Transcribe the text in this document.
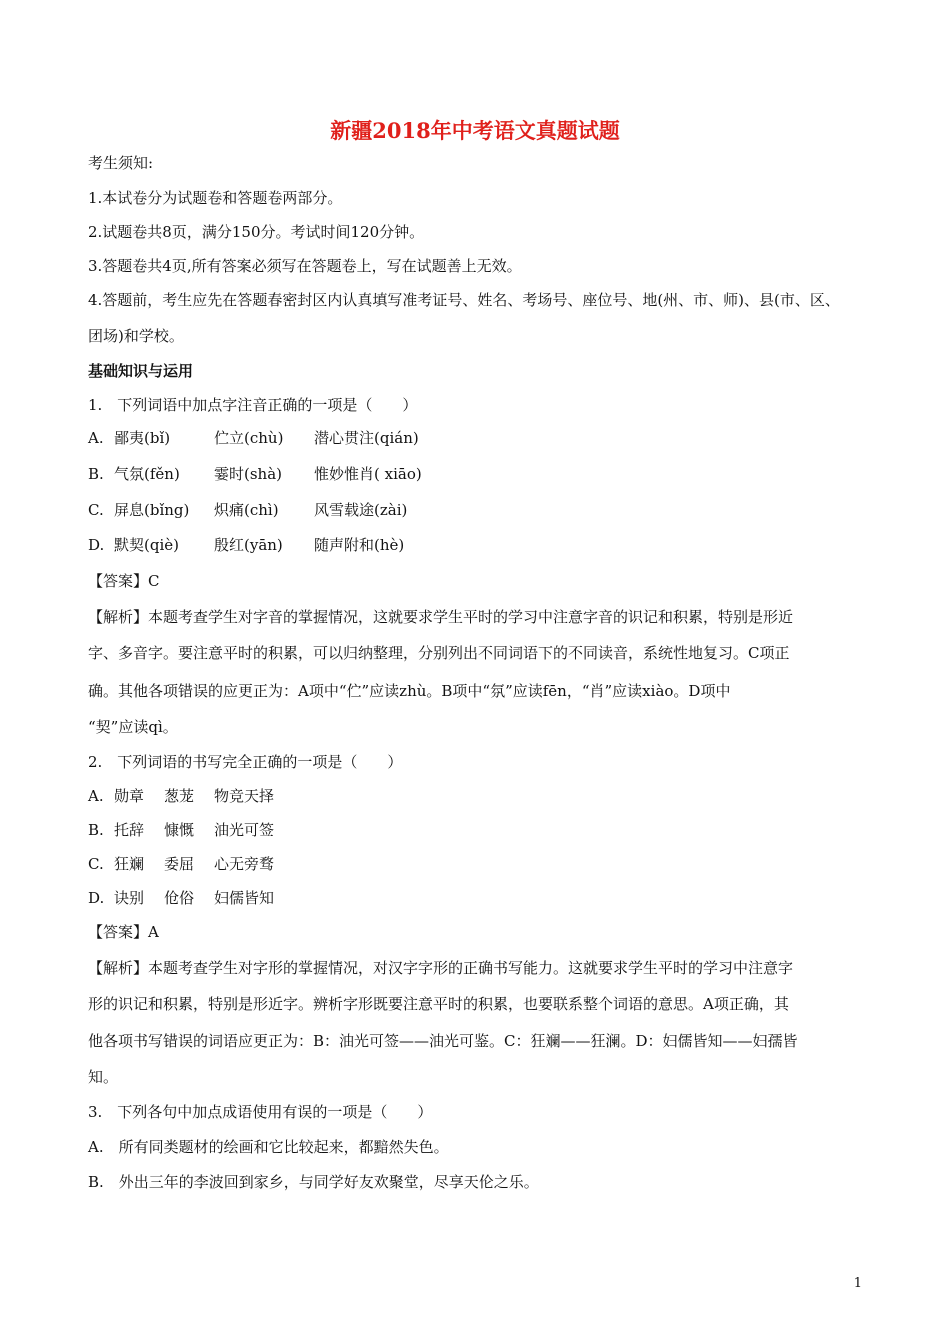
新疆2018年中考语文真题试题
考生须知:
1.本试卷分为试题卷和答题卷两部分。
2.试题卷共8页，满分150分。考试时间120分钟。
3.答题卷共4页,所有答案必须写在答题卷上，写在试题善上无效。
4.答题前，考生应先在答题春密封区内认真填写准考证号、姓名、考场号、座位号、地(州、市、师)、县(市、区、
团场)和学校。
基础知识与运用
1.　下列词语中加点字注音正确的一项是（　　）
A. 鄙夷(bǐ)	伫立(chù) 潜心贯注(qián)
B. 气氛(fěn) 霎时(shà) 惟妙惟肖( xiāo)
C. 屏息(bǐng) 炽痛(chì) 风雪载途(zài)
D. 默契(qiè) 殷红(yān) 随声附和(hè)
【答案】C
【解析】本题考查学生对字音的掌握情况，这就要求学生平时的学习中注意字音的识记和积累，特别是形近
字、多音字。要注意平时的积累，可以归纳整理，分别列出不同词语下的不同读音，系统性地复习。C项正
确。其他各项错误的应更正为：A项中“伫”应读zhù。B项中“氛”应读fēn，“肖”应读xiào。D项中
“契”应读qì。
2.　下列词语的书写完全正确的一项是（　　）
A. 勋章 葱茏 物竞天择
B. 托辞 慷慨 油光可签
C. 狂斓 委屈 心无旁骛
D. 诀别 伧俗 妇儒皆知
【答案】A
【解析】本题考查学生对字形的掌握情况，对汉字字形的正确书写能力。这就要求学生平时的学习中注意字
形的识记和积累，特别是形近字。辨析字形既要注意平时的积累，也要联系整个词语的意思。A项正确，其
他各项书写错误的词语应更正为：B：油光可签——油光可鉴。C：狂斓——狂澜。D：妇儒皆知——妇孺皆
知。
3.　下列各句中加点成语使用有误的一项是（　　）
A.　所有同类题材的绘画和它比较起来，都黯然失色。
B.　外出三年的李波回到家乡，与同学好友欢聚堂，尽享天伦之乐。
1
